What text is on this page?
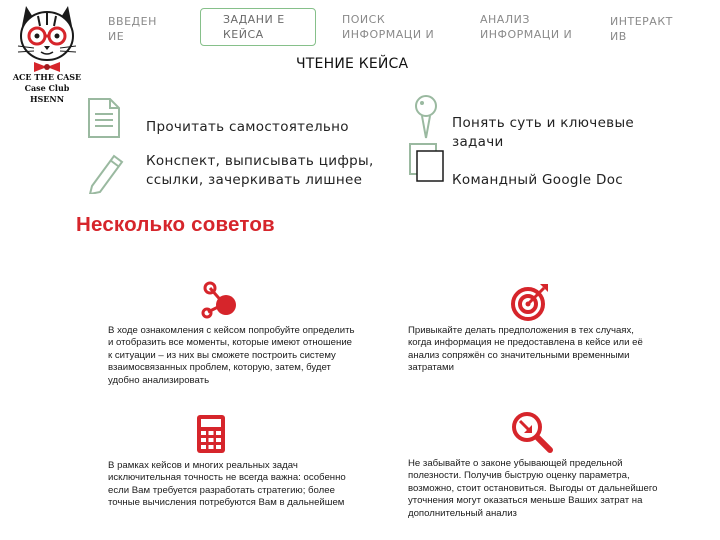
ACE THE CASE
Case Club
HSENN
ВВЕДЕН ИЕ
ЗАДАНИ Е КЕЙСА
ПОИСК ИНФОРМАЦИ И
АНАЛИЗ ИНФОРМАЦИ И
ИНТЕРАКТ ИВ
ЧТЕНИЕ КЕЙСА
Прочитать самостоятельно
Конспект, выписывать цифры, ссылки, зачеркивать лишнее
Понять суть и ключевые задачи
Командный Google Doc
Несколько советов
В ходе ознакомления с кейсом попробуйте определить и отобразить все моменты, которые имеют отношение к ситуации – из них вы сможете построить систему взаимосвязанных проблем, которую, затем, будет удобно анализировать
Привыкайте делать предположения в тех случаях, когда информация не предоставлена в кейсе или её анализ сопряжён со значительными временными затратами
В рамках кейсов и многих реальных задач исключительная точность не всегда важна: особенно если Вам требуется разработать стратегию; более точные вычисления потребуются Вам в дальнейшем
Не забывайте о законе убывающей предельной полезности. Получив быструю оценку параметра, возможно, стоит остановиться. Выгоды от дальнейшего уточнения могут оказаться меньше Ваших затрат на дополнительный анализ
